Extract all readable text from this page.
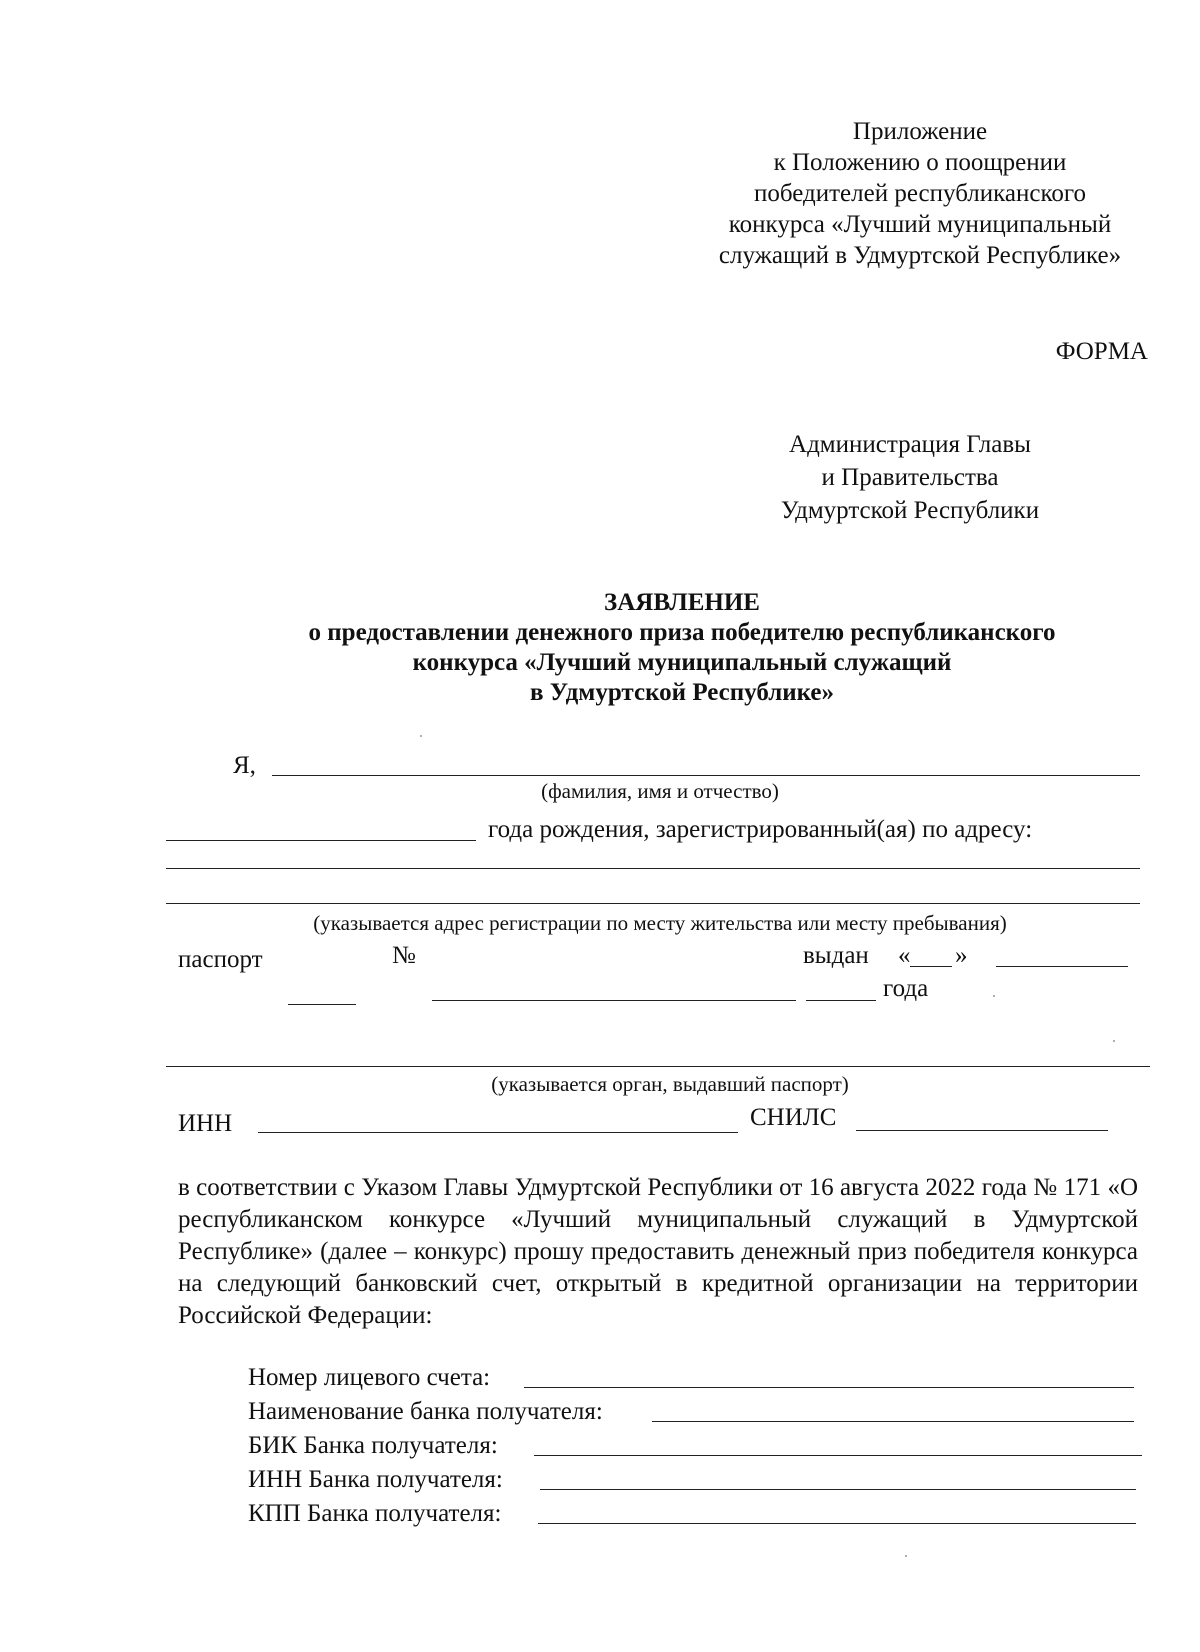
Приложение
к Положению о поощрении
победителей республиканского
конкурса «Лучший муниципальный
служащий в Удмуртской Республике»
ФОРМА
Администрация Главы
и Правительства
Удмуртской Республики
ЗАЯВЛЕНИЕ
о предоставлении денежного приза победителю республиканского
конкурса «Лучший муниципальный служащий
в Удмуртской Республике»
Я,
(фамилия, имя и отчество)
года рождения, зарегистрированный(ая) по адресу:
(указывается адрес регистрации по месту жительства или месту пребывания)
паспорт	№	выдан « »
года
(указывается орган, выдавший паспорт)
ИНН	СНИЛС
в соответствии с Указом Главы Удмуртской Республики от 16 августа 2022 года № 171 «О республиканском конкурсе «Лучший муниципальный служащий в Удмуртской Республике» (далее – конкурс) прошу предоставить денежный приз победителя конкурса на следующий банковский счет, открытый в кредитной организации на территории Российской Федерации:
Номер лицевого счета:
Наименование банка получателя:
БИК Банка получателя:
ИНН Банка получателя:
КПП Банка получателя:
